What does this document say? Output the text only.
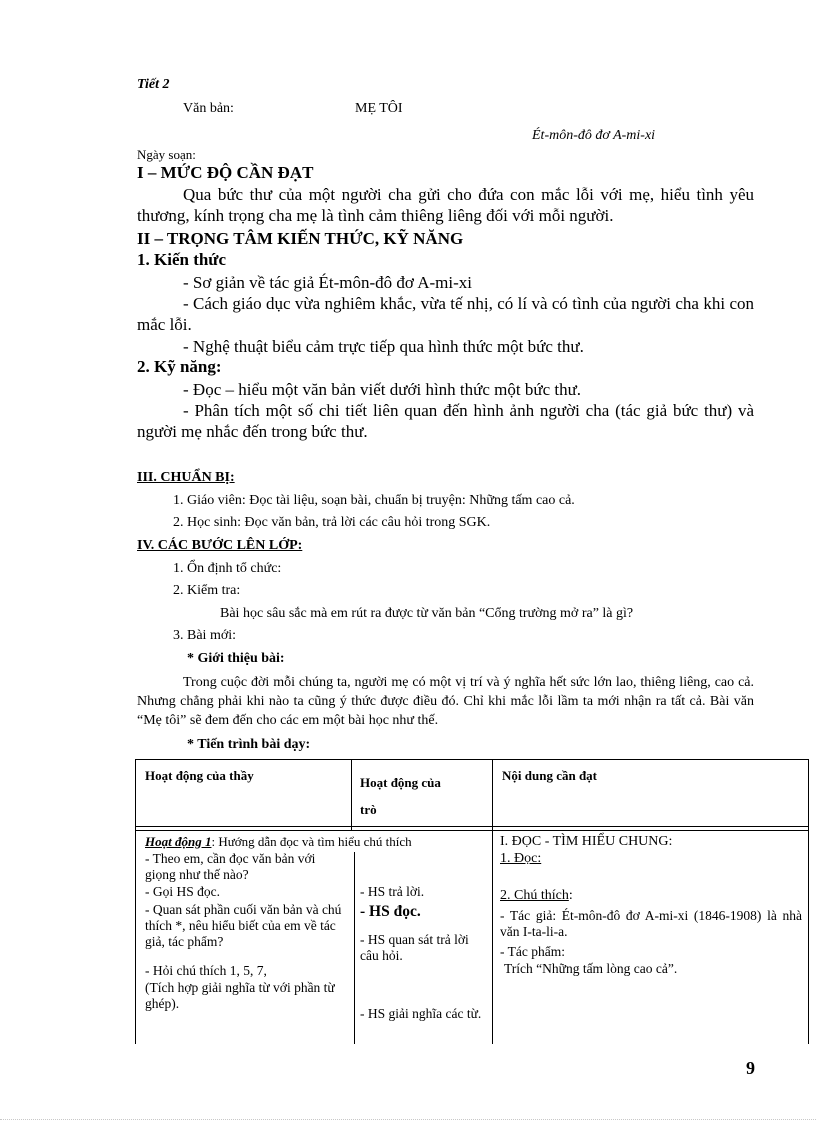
Tiết 2
Văn bản:	MẸ TÔI
Ét-môn-đô đơ A-mi-xi
Ngày soạn:
I – MỨC ĐỘ CẦN ĐẠT
Qua bức thư của một người cha gửi cho đứa con mắc lỗi với mẹ, hiểu tình yêu thương, kính trọng cha mẹ là tình cảm thiêng liêng đối với mỗi người.
II – TRỌNG TÂM KIẾN THỨC, KỸ NĂNG
1. Kiến thức
- Sơ giản về tác giả Ét-môn-đô đơ A-mi-xi
- Cách giáo dục vừa nghiêm khắc, vừa tế nhị, có lí và có tình của người cha khi con mắc lỗi.
- Nghệ thuật biểu cảm trực tiếp qua hình thức một bức thư.
2. Kỹ năng:
- Đọc – hiểu một văn bản viết dưới hình thức một bức thư.
- Phân tích một số chi tiết liên quan đến hình ảnh người cha (tác giả bức thư) và người mẹ nhắc đến trong bức thư.
III. CHUẨN BỊ:
1. Giáo viên: Đọc tài liệu, soạn bài, chuẩn bị truyện: Những tấm cao cả.
2. Học sinh: Đọc văn bản, trả lời các câu hỏi trong SGK.
IV. CÁC BƯỚC LÊN LỚP:
1. Ổn định tổ chức:
2. Kiểm tra:
Bài học sâu sắc mà em rút ra được từ văn bản “Cổng trường mở ra” là gì?
3. Bài mới:
* Giới thiệu bài:
Trong cuộc đời mỗi chúng ta, người mẹ có một vị trí và ý nghĩa hết sức lớn lao, thiêng liêng, cao cả. Nhưng chẳng phải khi nào ta cũng ý thức được điều đó. Chỉ khi mắc lỗi lầm ta mới nhận ra tất cả. Bài văn “Mẹ tôi” sẽ đem đến cho các em một bài học như thế.
* Tiến trình bài dạy:
Hoạt động của thầy	Hoạt động của
trò
Nội dung cần đạt
Hoạt động 1: Hướng dẫn đọc và tìm hiểu chú thích
- Theo em, cần đọc văn bản với giọng như thế nào?
- Gọi HS đọc.
- Quan sát phần cuối văn bản và chú thích *, nêu hiểu biết của em về tác giả, tác phẩm?
- Hỏi chú thích 1, 5, 7,
(Tích hợp giải nghĩa từ với phần từ ghép).
- HS trả lời.
- HS đọc.
- HS quan sát trả lời câu hỏi.
- HS giải nghĩa các từ.
I. ĐỌC - TÌM HIỂU CHUNG:
1. Đọc:
2. Chú thích:
- Tác giả: Ét-môn-đô đơ A-mi-xi (1846-1908) là nhà văn I-ta-li-a.
- Tác phẩm:
Trích “Những tấm lòng cao cả”.
9
